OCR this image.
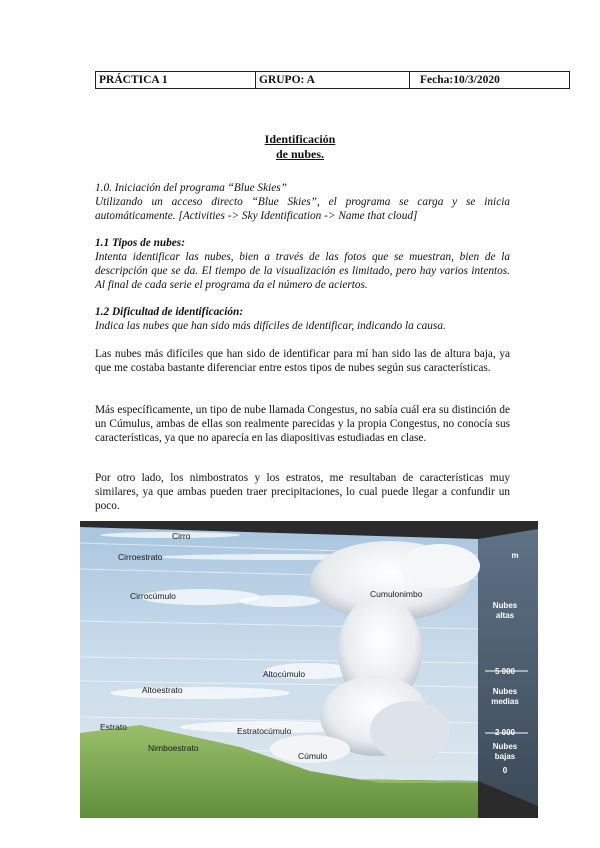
PRÁCTICA 1	GRUPO: A	Fecha:10/3/2020
Identificación
de nubes.
1.0. Iniciación del programa “Blue Skies”
Utilizando un acceso directo “Blue Skies”, el programa se carga y se inicia automáticamente. [Activities -> Sky Identification -> Name that cloud]
1.1 Tipos de nubes:
Intenta identificar las nubes, bien a través de las fotos que se muestran, bien de la descripción que se da. El tiempo de la visualización es limitado, pero hay varios intentos. Al final de cada serie el programa da el número de aciertos.
1.2 Dificultad de identificación:
Indica las nubes que han sido más difíciles de identificar, indicando la causa.
Las nubes más difíciles que han sido de identificar para mí han sido las de altura baja, ya que me costaba bastante diferenciar entre estos tipos de nubes según sus características.
Más específicamente, un tipo de nube llamada Congestus, no sabía cuál era su distinción de un Cúmulus, ambas de ellas son realmente parecidas y la propia Congestus, no conocía sus características, ya que no aparecía en las diapositivas estudiadas en clase.
Por otro lado, los nimbostratos y los estratos, me resultaban de características muy similares, ya que ambas pueden traer precipitaciones, lo cual puede llegar a confundir un poco.
Cirro
Cirroestrato
Cirrocúmulo	Cumulonimbo
Altocúmulo
Altoestrato
Estrato	Estratocúmulo
Nimboestrato
Cúmulo
m
Nubes altas
5 000
Nubes medias
2 000
Nubes bajas
0
